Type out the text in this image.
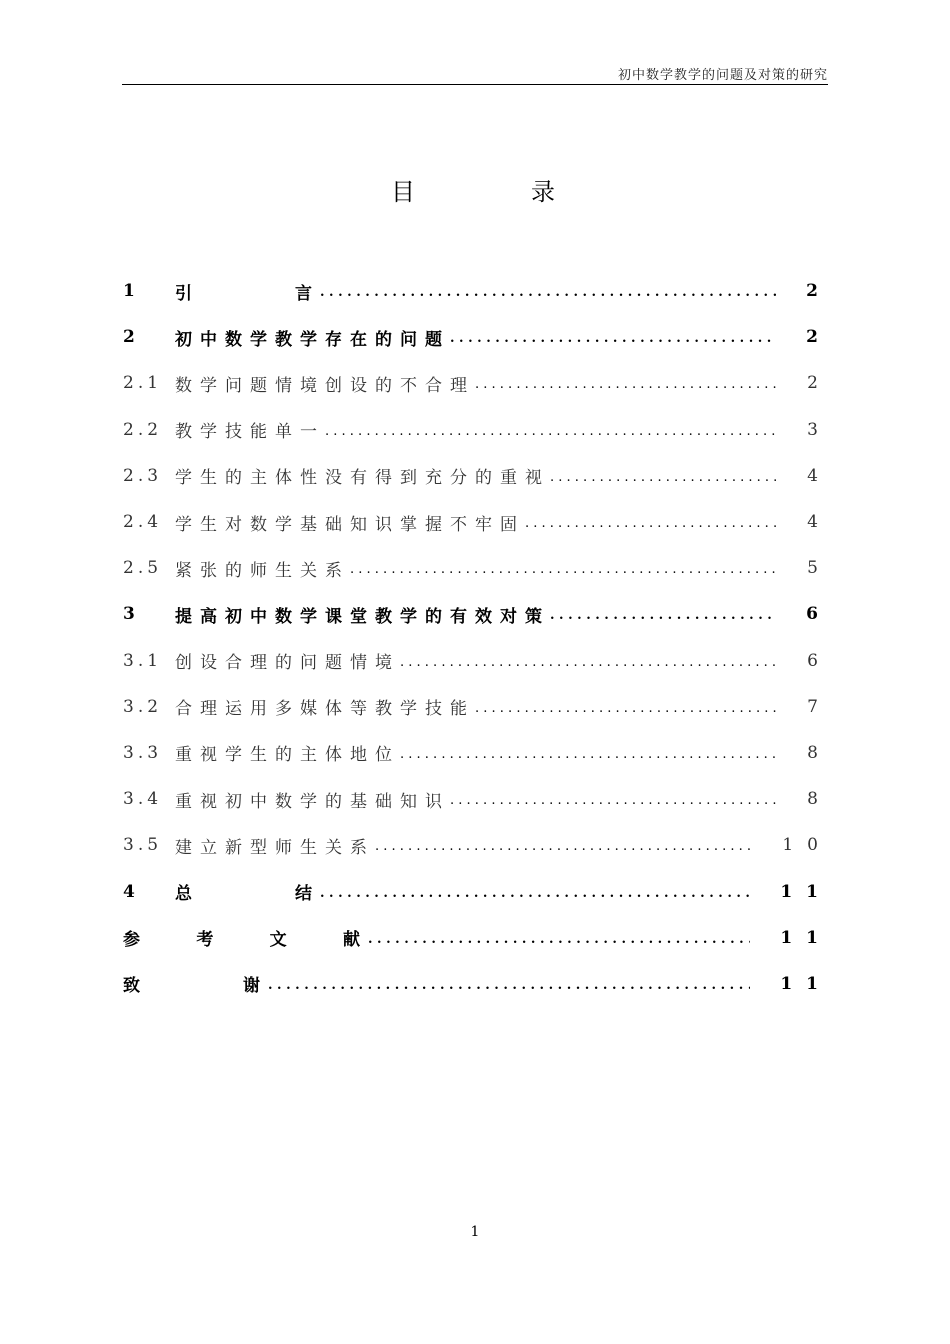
初中数学教学的问题及对策的研究
目	录
1	引	言 . . .	2
2	初中数学教学存在的问题 . . .	2
2.1 数学问题情境创设的不合理 . . .	2
2.2 教学技能单一 . . .	3
2.3 学生的主体性没有得到充分的重视 . . .	4
2.4 学生对数学基础知识掌握不牢固 . . .	4
2.5 紧张的师生关系 . . .	5
3	提高初中数学课堂教学的有效对策 . . .	6
3.1 创设合理的问题情境 . . .	6
3.2 合理运用多媒体等教学技能 . . .	7
3.3 重视学生的主体地位 . . .	8
3.4 重视初中数学的基础知识 . . .	8
3.5 建立新型师生关系 . . .	10
4	总	结 . . .	11
参	考	文	献 . . .	11
致	谢 . . .	11
1
